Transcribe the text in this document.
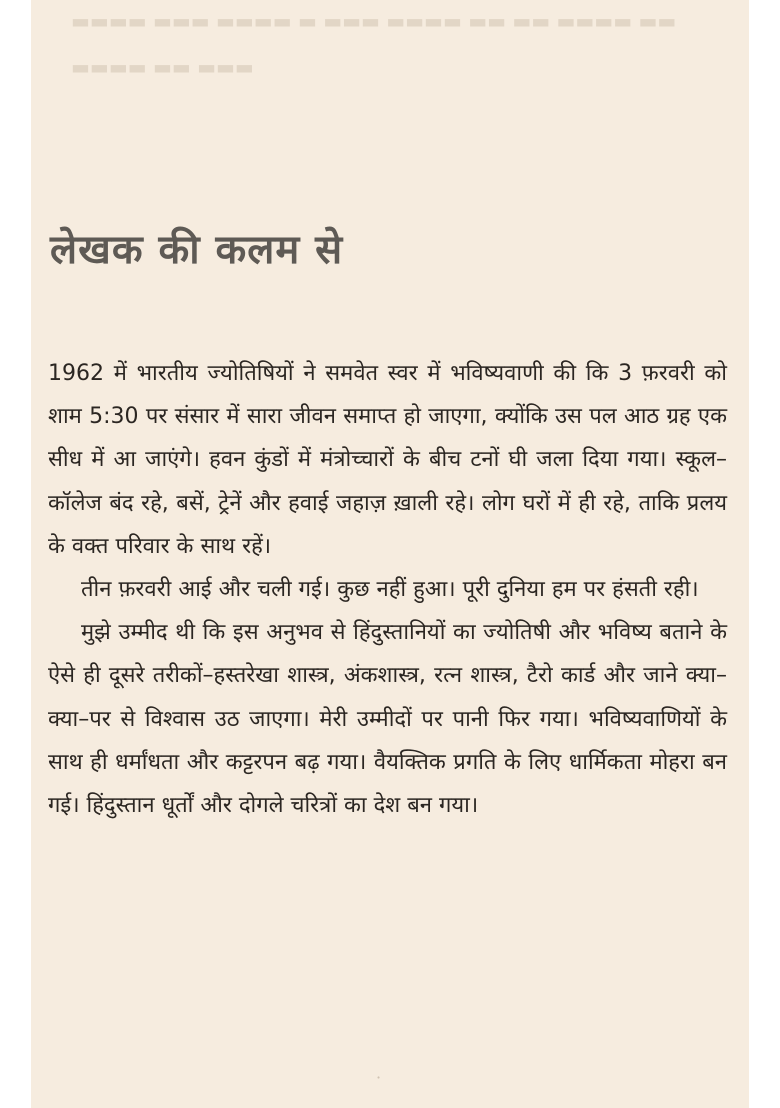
▬▬ ▬▬▬▬ ▬▬ ▬▬ ▬▬▬▬ ▬▬▬ ▬ ▬▬▬▬ ▬▬▬ ▬▬▬▬
▬▬▬ ▬▬ ▬▬▬▬
लेखक की कलम से

1962 में भारतीय ज्योतिषियों ने समवेत स्वर में भविष्यवाणी की कि 3 फ़रवरी को शाम 5:30 पर संसार में सारा जीवन समाप्त हो जाएगा, क्योंकि उस पल आठ ग्रह एक सीध में आ जाएंगे। हवन कुंडों में मंत्रोच्चारों के बीच टनों घी जला दिया गया। स्कूल–कॉलेज बंद रहे, बसें, ट्रेनें और हवाई जहाज़ ख़ाली रहे। लोग घरों में ही रहे, ताकि प्रलय के वक्त परिवार के साथ रहें।

तीन फ़रवरी आई और चली गई। कुछ नहीं हुआ। पूरी दुनिया हम पर हंसती रही।

मुझे उम्मीद थी कि इस अनुभव से हिंदुस्तानियों का ज्योतिषी और भविष्य बताने के ऐसे ही दूसरे तरीकों–हस्तरेखा शास्त्र, अंकशास्त्र, रत्न शास्त्र, टैरो कार्ड और जाने क्या–क्या–पर से विश्वास उठ जाएगा। मेरी उम्मीदों पर पानी फिर गया। भविष्यवाणियों के साथ ही धर्मांधता और कट्टरपन बढ़ गया। वैयक्तिक प्रगति के लिए धार्मिकता मोहरा बन गई। हिंदुस्तान धूर्तों और दोगले चरित्रों का देश बन गया।

·
